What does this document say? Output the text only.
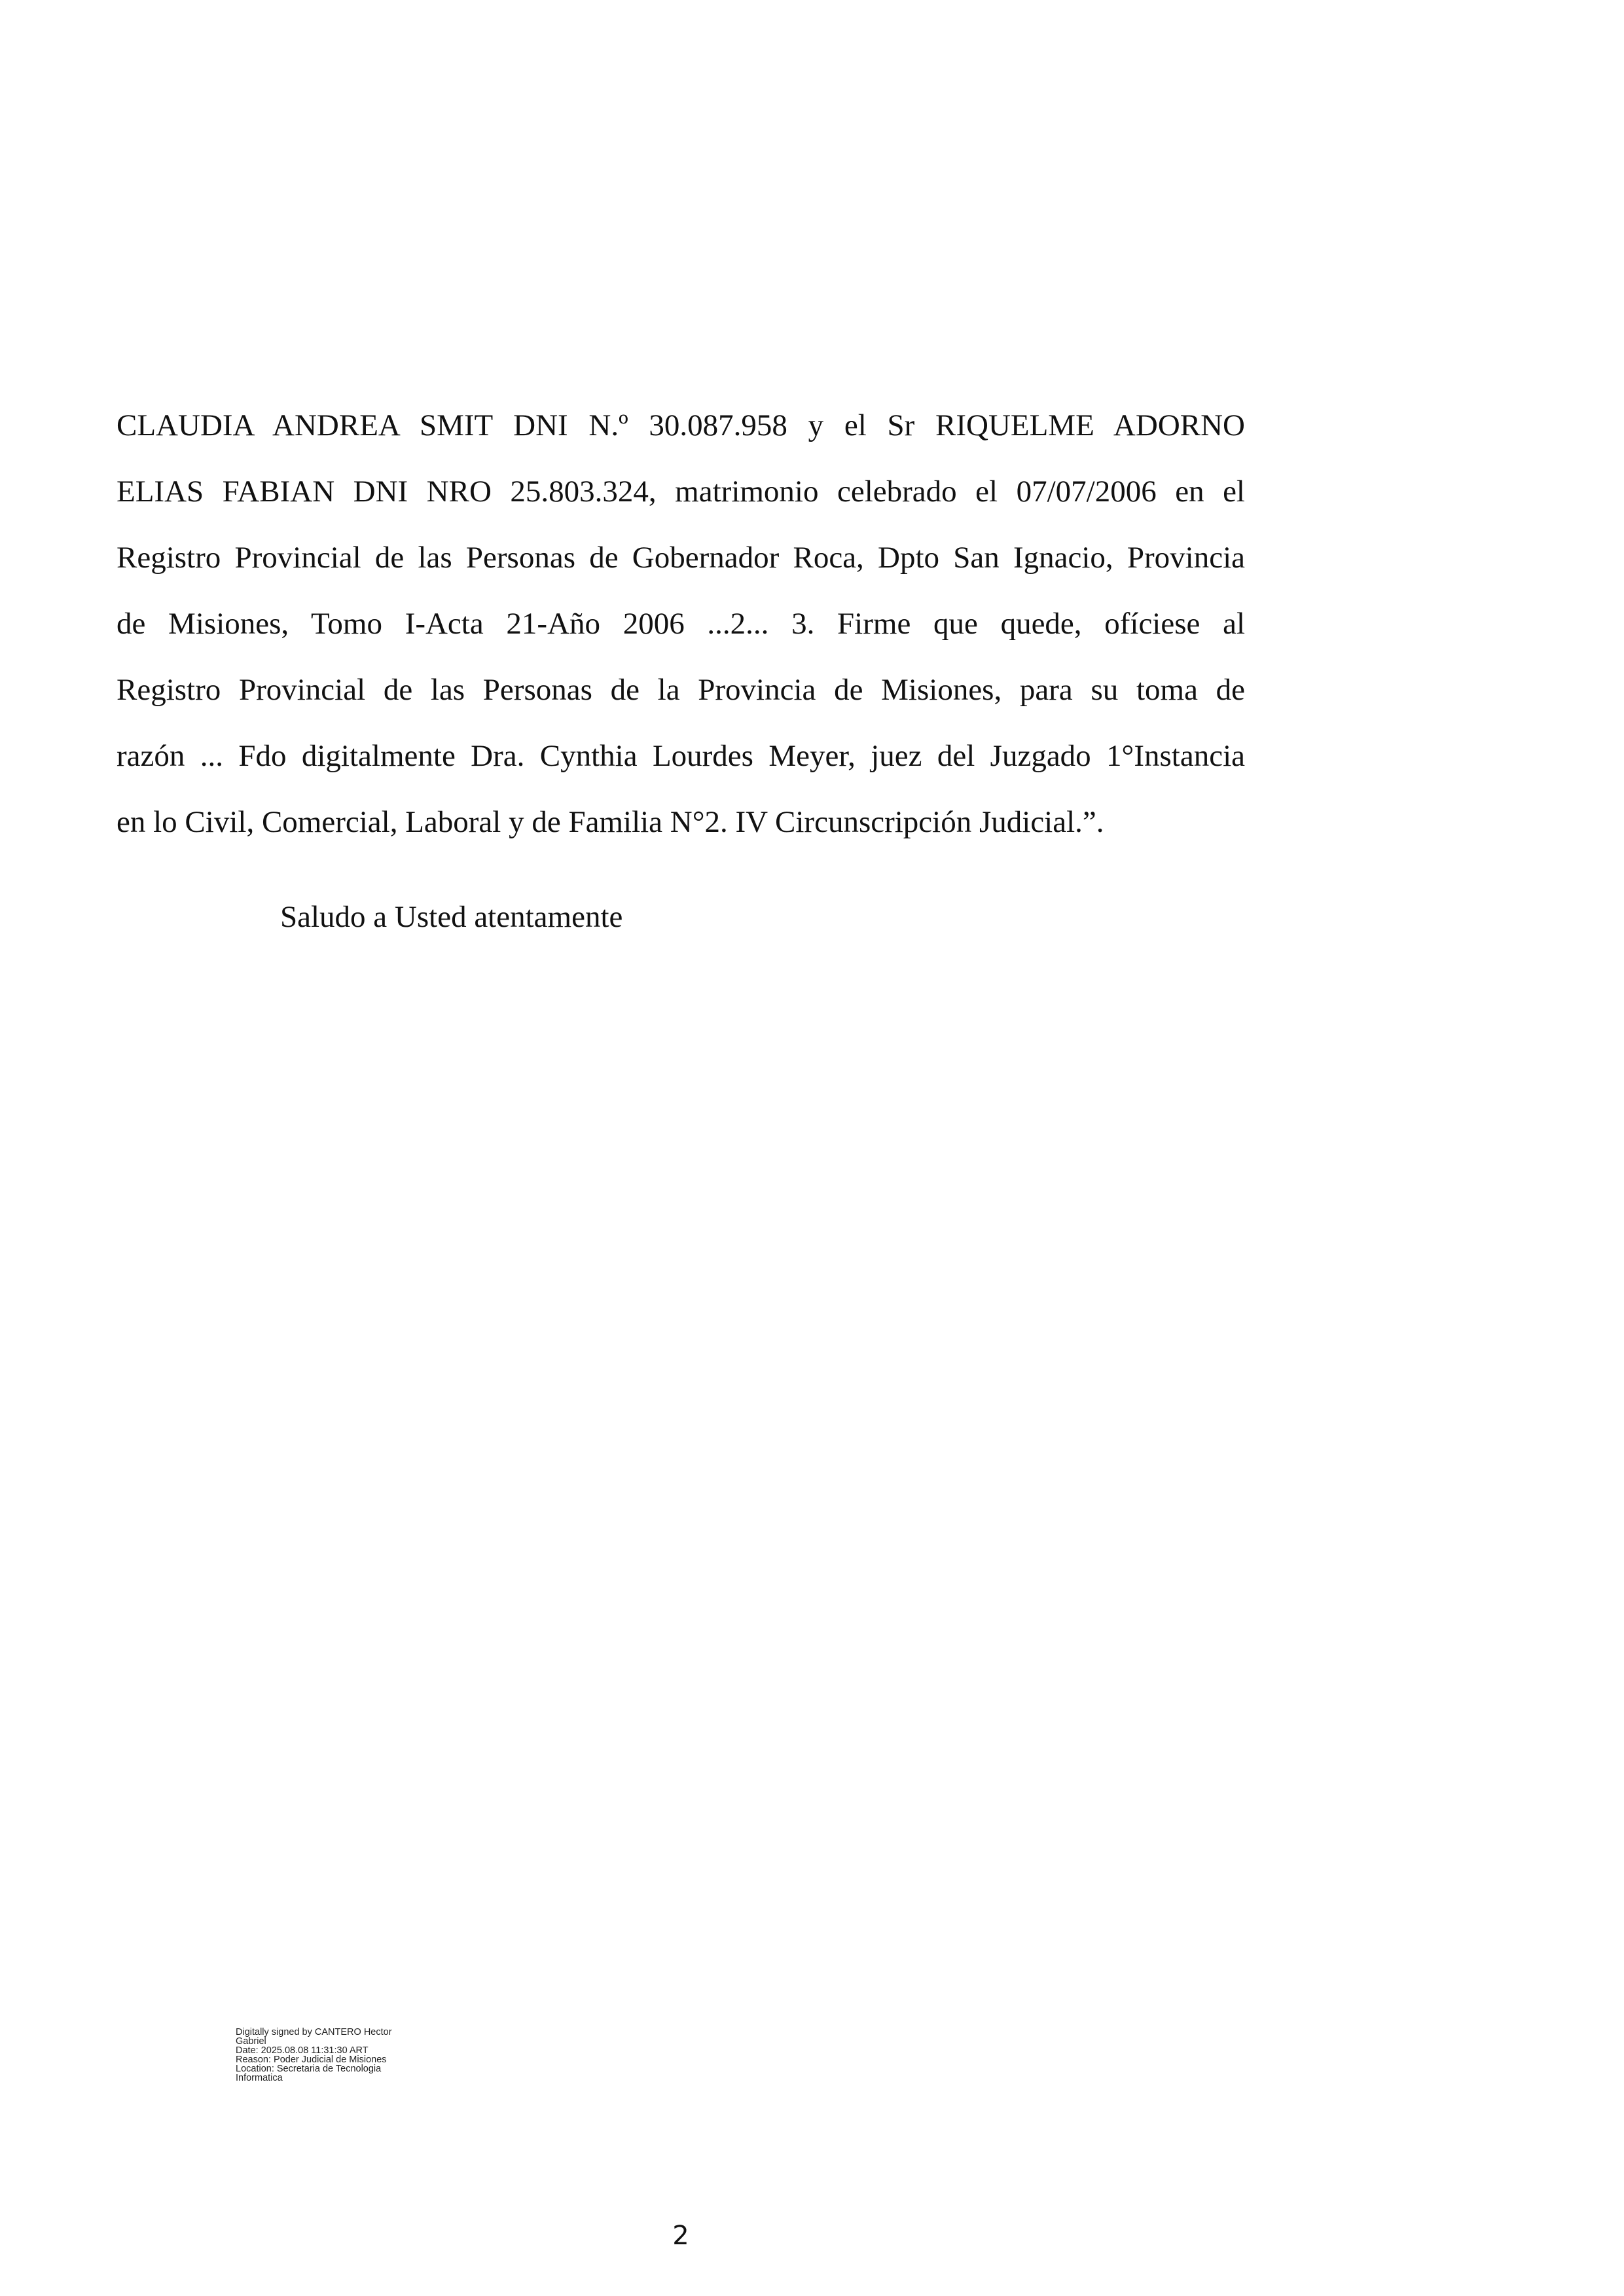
CLAUDIA ANDREA SMIT DNI N.º 30.087.958 y el Sr RIQUELME ADORNO
ELIAS FABIAN DNI NRO 25.803.324, matrimonio celebrado el 07/07/2006 en el
Registro Provincial de las Personas de Gobernador Roca, Dpto San Ignacio, Provincia
de Misiones, Tomo I-Acta 21-Año 2006 ...2... 3. Firme que quede, ofíciese al
Registro Provincial de las Personas de la Provincia de Misiones, para su toma de
razón ... Fdo digitalmente Dra. Cynthia Lourdes Meyer, juez del Juzgado 1°Instancia
en lo Civil, Comercial, Laboral y de Familia N°2. IV Circunscripción Judicial.”.
Saludo a Usted atentamente
Digitally signed by CANTERO Hector
Gabriel
Date: 2025.08.08 11:31:30 ART
Reason: Poder Judicial de Misiones
Location: Secretaria de Tecnologia
Informatica
2
